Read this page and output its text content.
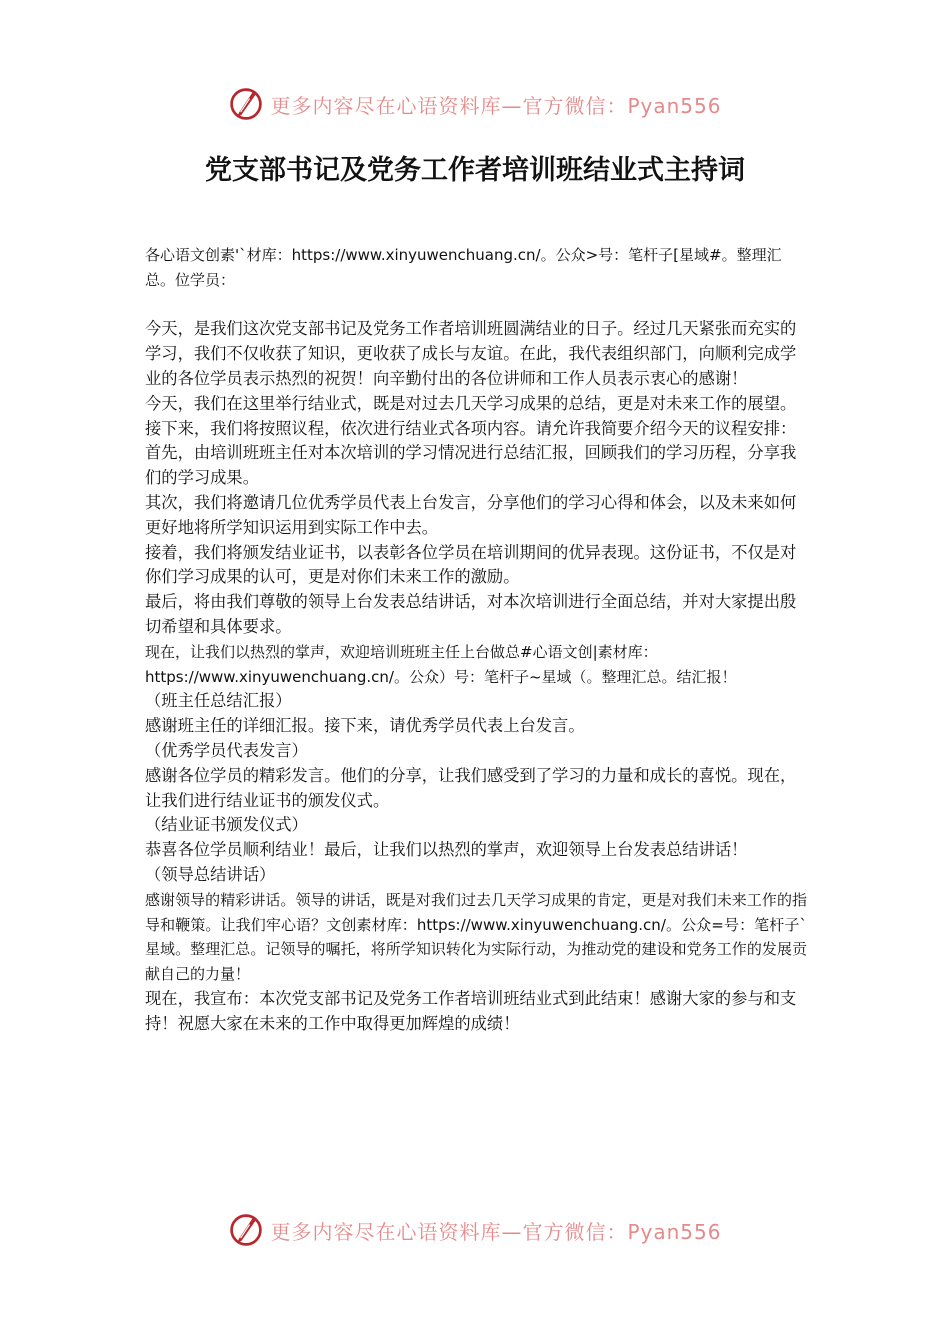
更多内容尽在心语资料库—官方微信：Pyan556
党支部书记及党务工作者培训班结业式主持词

各心语文创素'`材库：https://www.xinyuwenchuang.cn/。公众>号：笔杆子[星域#。整理汇总。位学员：

今天，是我们这次党支部书记及党务工作者培训班圆满结业的日子。经过几天紧张而充实的学习，我们不仅收获了知识，更收获了成长与友谊。在此，我代表组织部门，向顺利完成学业的各位学员表示热烈的祝贺！向辛勤付出的各位讲师和工作人员表示衷心的感谢！

今天，我们在这里举行结业式，既是对过去几天学习成果的总结，更是对未来工作的展望。接下来，我们将按照议程，依次进行结业式各项内容。请允许我简要介绍今天的议程安排：

首先，由培训班班主任对本次培训的学习情况进行总结汇报，回顾我们的学习历程，分享我们的学习成果。

其次，我们将邀请几位优秀学员代表上台发言，分享他们的学习心得和体会，以及未来如何更好地将所学知识运用到实际工作中去。

接着，我们将颁发结业证书，以表彰各位学员在培训期间的优异表现。这份证书，不仅是对你们学习成果的认可，更是对你们未来工作的激励。

最后，将由我们尊敬的领导上台发表总结讲话，对本次培训进行全面总结，并对大家提出殷切希望和具体要求。

现在，让我们以热烈的掌声，欢迎培训班班主任上台做总#心语文创|素材库：https://www.xinyuwenchuang.cn/。公众）号：笔杆子~星域（。整理汇总。结汇报！

（班主任总结汇报）

感谢班主任的详细汇报。接下来，请优秀学员代表上台发言。

（优秀学员代表发言）

感谢各位学员的精彩发言。他们的分享，让我们感受到了学习的力量和成长的喜悦。现在，让我们进行结业证书的颁发仪式。

（结业证书颁发仪式）

恭喜各位学员顺利结业！最后，让我们以热烈的掌声，欢迎领导上台发表总结讲话！

（领导总结讲话）

感谢领导的精彩讲话。领导的讲话，既是对我们过去几天学习成果的肯定，更是对我们未来工作的指导和鞭策。让我们牢心语？文创素材库：https://www.xinyuwenchuang.cn/。公众=号：笔杆子`星域。整理汇总。记领导的嘱托，将所学知识转化为实际行动，为推动党的建设和党务工作的发展贡献自己的力量！

现在，我宣布：本次党支部书记及党务工作者培训班结业式到此结束！感谢大家的参与和支持！祝愿大家在未来的工作中取得更加辉煌的成绩！

更多内容尽在心语资料库—官方微信：Pyan556
